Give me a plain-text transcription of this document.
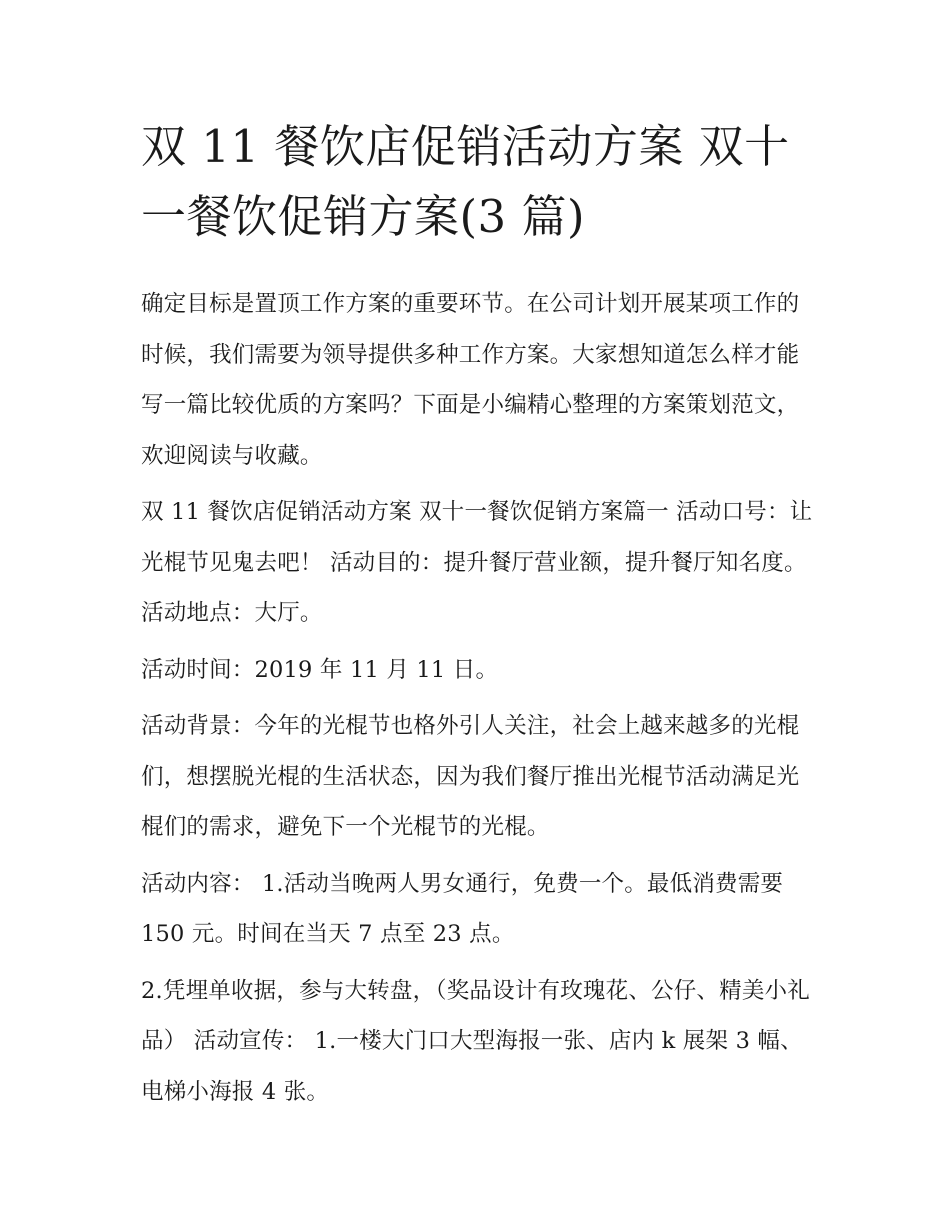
双 11 餐饮店促销活动方案 双十一餐饮促销方案(3 篇)

确定目标是置顶工作方案的重要环节。在公司计划开展某项工作的时候，我们需要为领导提供多种工作方案。大家想知道怎么样才能写一篇比较优质的方案吗？下面是小编精心整理的方案策划范文，欢迎阅读与收藏。

双 11 餐饮店促销活动方案 双十一餐饮促销方案篇一 活动口号：让光棍节见鬼去吧！ 活动目的：提升餐厅营业额，提升餐厅知名度。 活动地点：大厅。

活动时间：2019 年 11 月 11 日。

活动背景：今年的光棍节也格外引人关注，社会上越来越多的光棍们，想摆脱光棍的生活状态，因为我们餐厅推出光棍节活动满足光棍们的需求，避免下一个光棍节的光棍。

活动内容： 1.活动当晚两人男女通行，免费一个。最低消费需要 150 元。时间在当天 7 点至 23 点。

2.凭埋单收据，参与大转盘，（奖品设计有玫瑰花、公仔、精美小礼品） 活动宣传： 1.一楼大门口大型海报一张、店内 k 展架 3 幅、电梯小海报 4 张。
